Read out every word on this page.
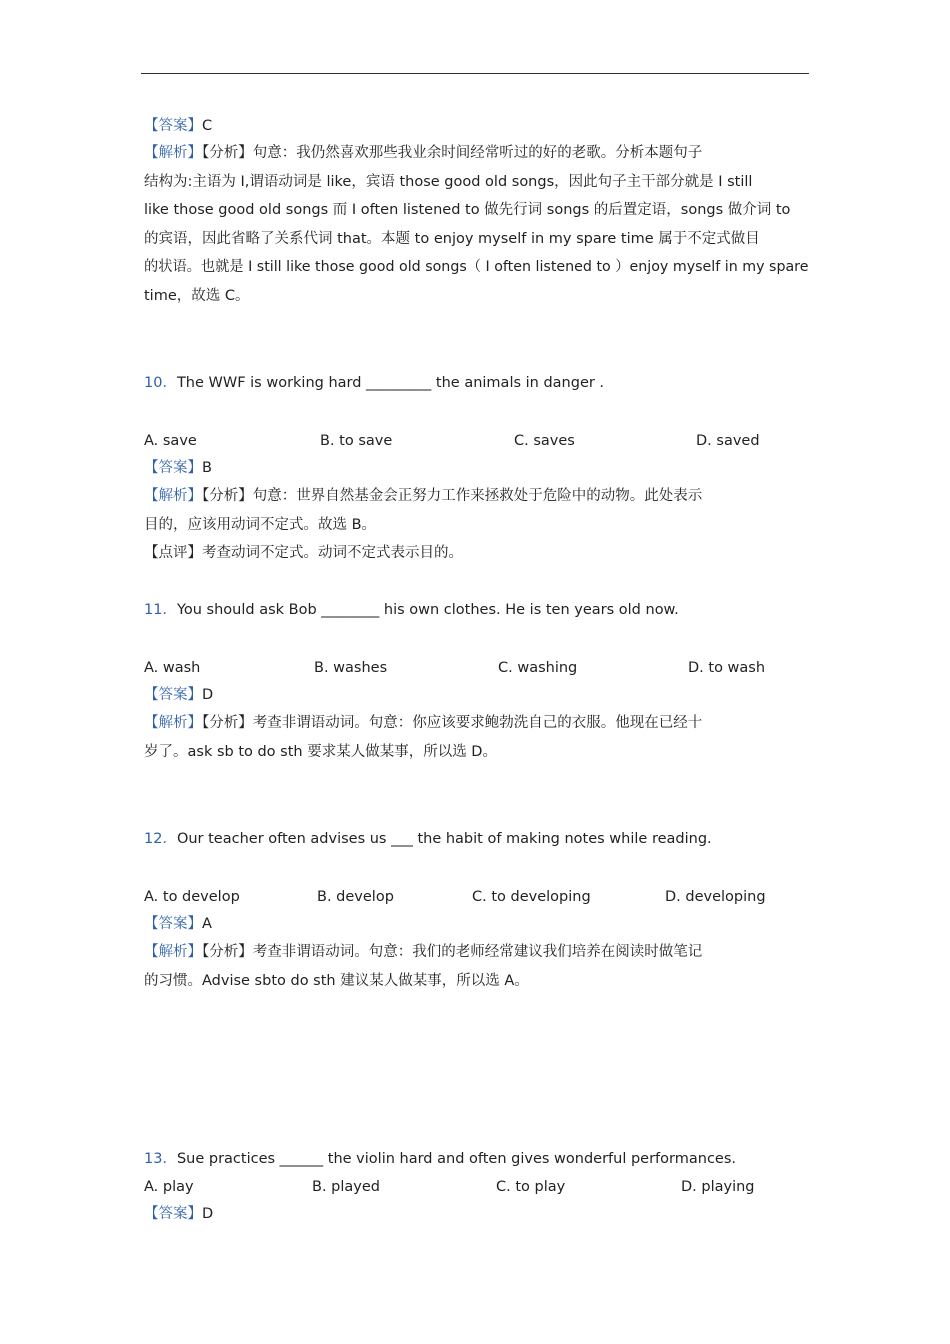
【答案】C
【解析】【分析】句意：我仍然喜欢那些我业余时间经常听过的好的老歌。分析本题句子
结构为:主语为 I,谓语动词是 like，宾语 those good old songs，因此句子主干部分就是 I still
like those good old songs 而 I often listened to 做先行词 songs 的后置定语，songs 做介词 to
的宾语，因此省略了关系代词 that。本题 to enjoy myself in my spare time 属于不定式做目
的状语。也就是 I still like those good old songs（ I often listened to ）enjoy myself in my spare
time，故选 C。
10．The WWF is working hard _________ the animals in danger .
A. save	B. to save	C. saves	D. saved
【答案】B
【解析】【分析】句意：世界自然基金会正努力工作来拯救处于危险中的动物。此处表示
目的，应该用动词不定式。故选 B。
【点评】考查动词不定式。动词不定式表示目的。
11．You should ask Bob ________ his own clothes. He is ten years old now.
A. wash	B. washes	C. washing	D. to wash
【答案】D
【解析】【分析】考查非谓语动词。句意：你应该要求鲍勃洗自己的衣服。他现在已经十
岁了。ask sb to do sth 要求某人做某事，所以选 D。
12．Our teacher often advises us ___ the habit of making notes while reading.
A. to develop	B. develop	C. to developing	D. developing
【答案】A
【解析】【分析】考查非谓语动词。句意：我们的老师经常建议我们培养在阅读时做笔记
的习惯。Advise sbto do sth 建议某人做某事，所以选 A。
13．Sue practices ______ the violin hard and often gives wonderful performances.
A. play	B. played	C. to play	D. playing
【答案】D
